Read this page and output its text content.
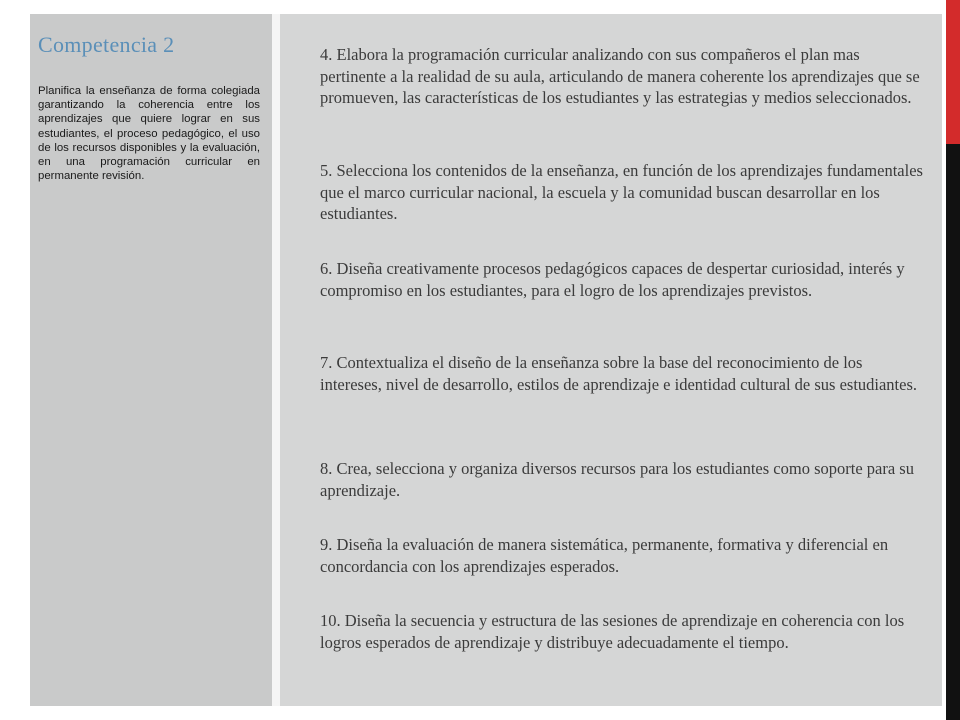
Competencia 2
Planifica la enseñanza de forma colegiada garantizando la coherencia entre los aprendizajes que quiere lograr en sus estudiantes, el proceso pedagógico, el uso de los recursos disponibles y la evaluación, en una programación curricular en permanente revisión.
4. Elabora la programación curricular analizando con sus compañeros el plan mas pertinente a la realidad de su aula, articulando de manera coherente los aprendizajes que se promueven, las características de los estudiantes y las estrategias y medios seleccionados.
5. Selecciona los contenidos de la enseñanza, en función de los aprendizajes fundamentales que el marco curricular nacional, la escuela y la comunidad buscan desarrollar en los estudiantes.
6. Diseña creativamente procesos pedagógicos capaces de despertar curiosidad, interés y compromiso en los estudiantes, para el logro de los aprendizajes previstos.
7. Contextualiza el diseño de la enseñanza sobre la base del reconocimiento de los intereses, nivel de desarrollo, estilos de aprendizaje e identidad cultural de sus estudiantes.
8. Crea, selecciona y organiza diversos recursos para los estudiantes como soporte para su aprendizaje.
9. Diseña la evaluación de manera sistemática, permanente, formativa y diferencial en concordancia con los aprendizajes esperados.
10. Diseña la secuencia y estructura de las sesiones de aprendizaje en coherencia con los logros esperados de aprendizaje y distribuye adecuadamente el tiempo.
